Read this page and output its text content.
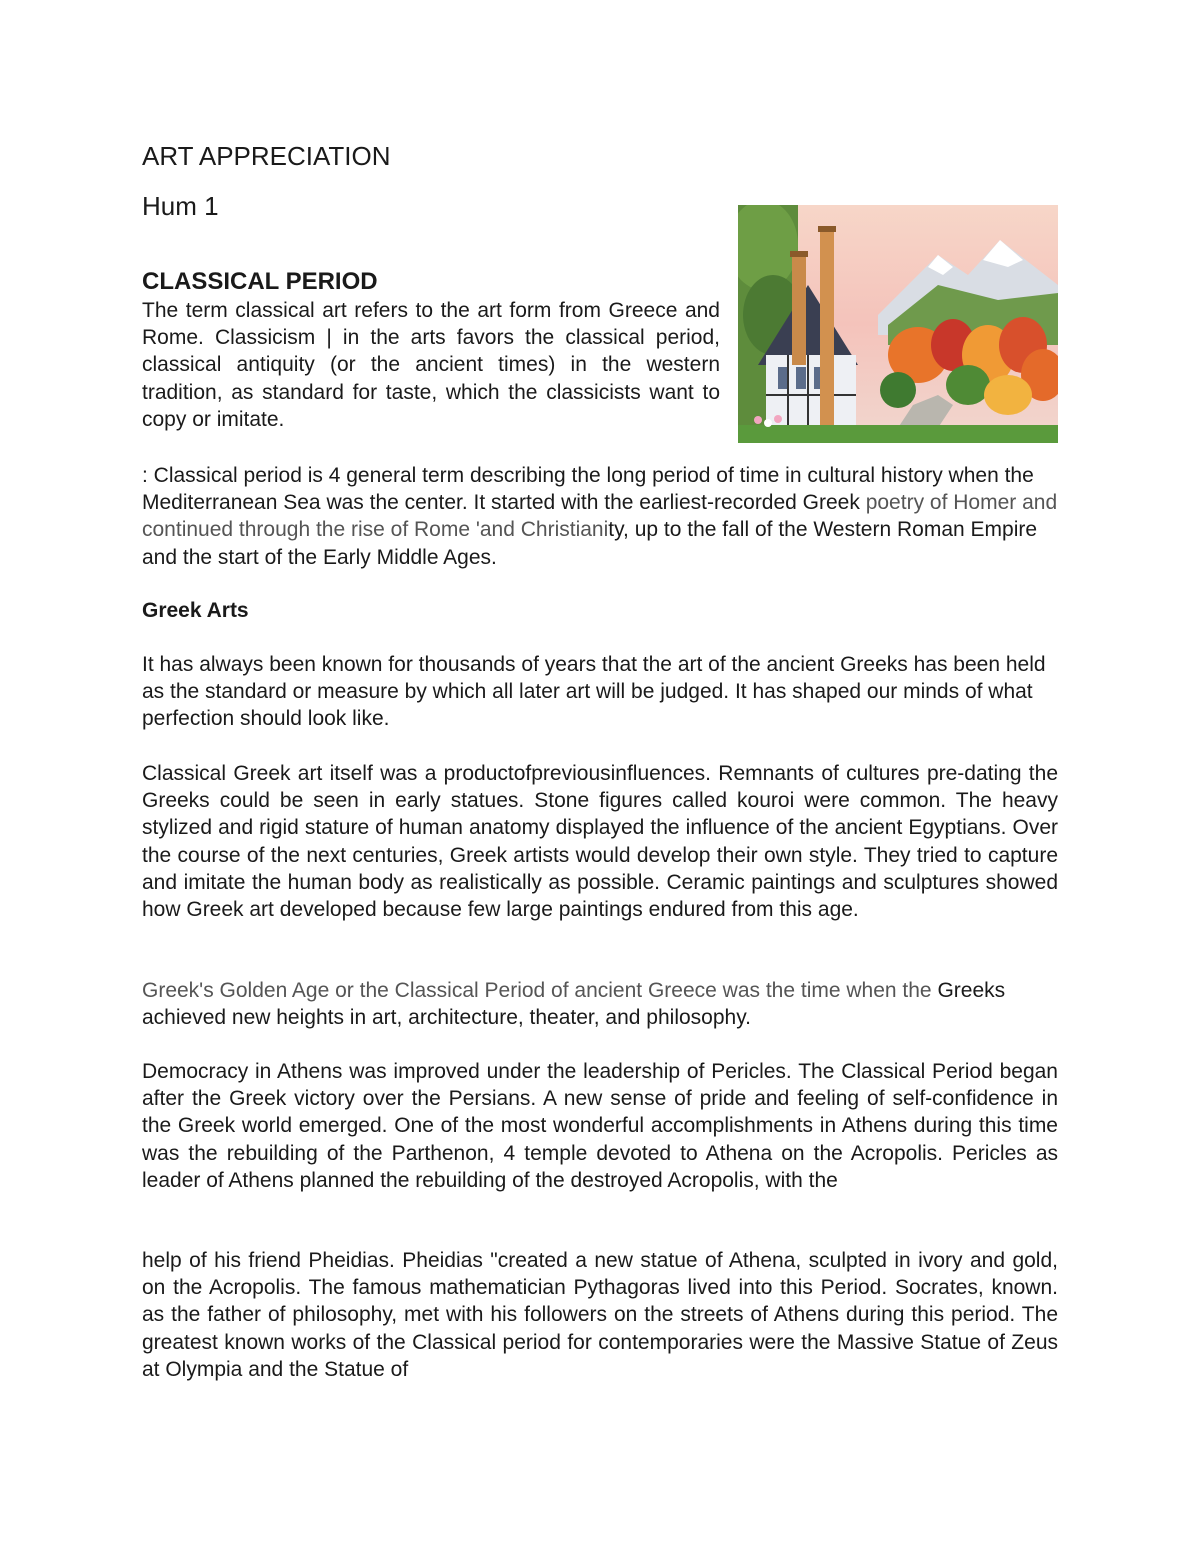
ART APPRECIATION
Hum 1
CLASSICAL PERIOD
The term classical art refers to the art form from Greece and Rome. Classicism | in the arts favors the classical period, classical antiquity (or the ancient times) in the western tradition, as standard for taste, which the classicists want to copy or imitate.
: Classical period is 4 general term describing the long period of time in cultural history when the Mediterranean Sea was the center. It started with the earliest-recorded Greek poetry of Homer and continued through the rise of Rome 'and Christianity, up to the fall of the Western Roman Empire and the start of the Early Middle Ages.
Greek Arts
It has always been known for thousands of years that the art of the ancient Greeks has been held as the standard or measure by which all later art will be judged. It has shaped our minds of what perfection should look like.
Classical Greek art itself was a productofpreviousinfluences. Remnants of cultures pre-dating the Greeks could be seen in early statues. Stone figures called kouroi were common. The heavy stylized and rigid stature of human anatomy displayed the influence of the ancient Egyptians. Over the course of the next centuries, Greek artists would develop their own style. They tried to capture and imitate the human body as realistically as possible. Ceramic paintings and sculptures showed how Greek art developed because few large paintings endured from this age.
Greek's Golden Age or the Classical Period of ancient Greece was the time when the Greeks achieved new heights in art, architecture, theater, and philosophy.
Democracy in Athens was improved under the leadership of Pericles. The Classical Period began after the Greek victory over the Persians. A new sense of pride and feeling of self-confidence in the Greek world emerged. One of the most wonderful accomplishments in Athens during this time was the rebuilding of the Parthenon, 4 temple devoted to Athena on the Acropolis. Pericles as leader of Athens planned the rebuilding of the destroyed Acropolis, with the
help of his friend Pheidias. Pheidias "created a new statue of Athena, sculpted in ivory and gold, on the Acropolis. The famous mathematician Pythagoras lived into this Period. Socrates, known. as the father of philosophy, met with his followers on the streets of Athens during this period. The greatest known works of the Classical period for contemporaries were the Massive Statue of Zeus at Olympia and the Statue of
